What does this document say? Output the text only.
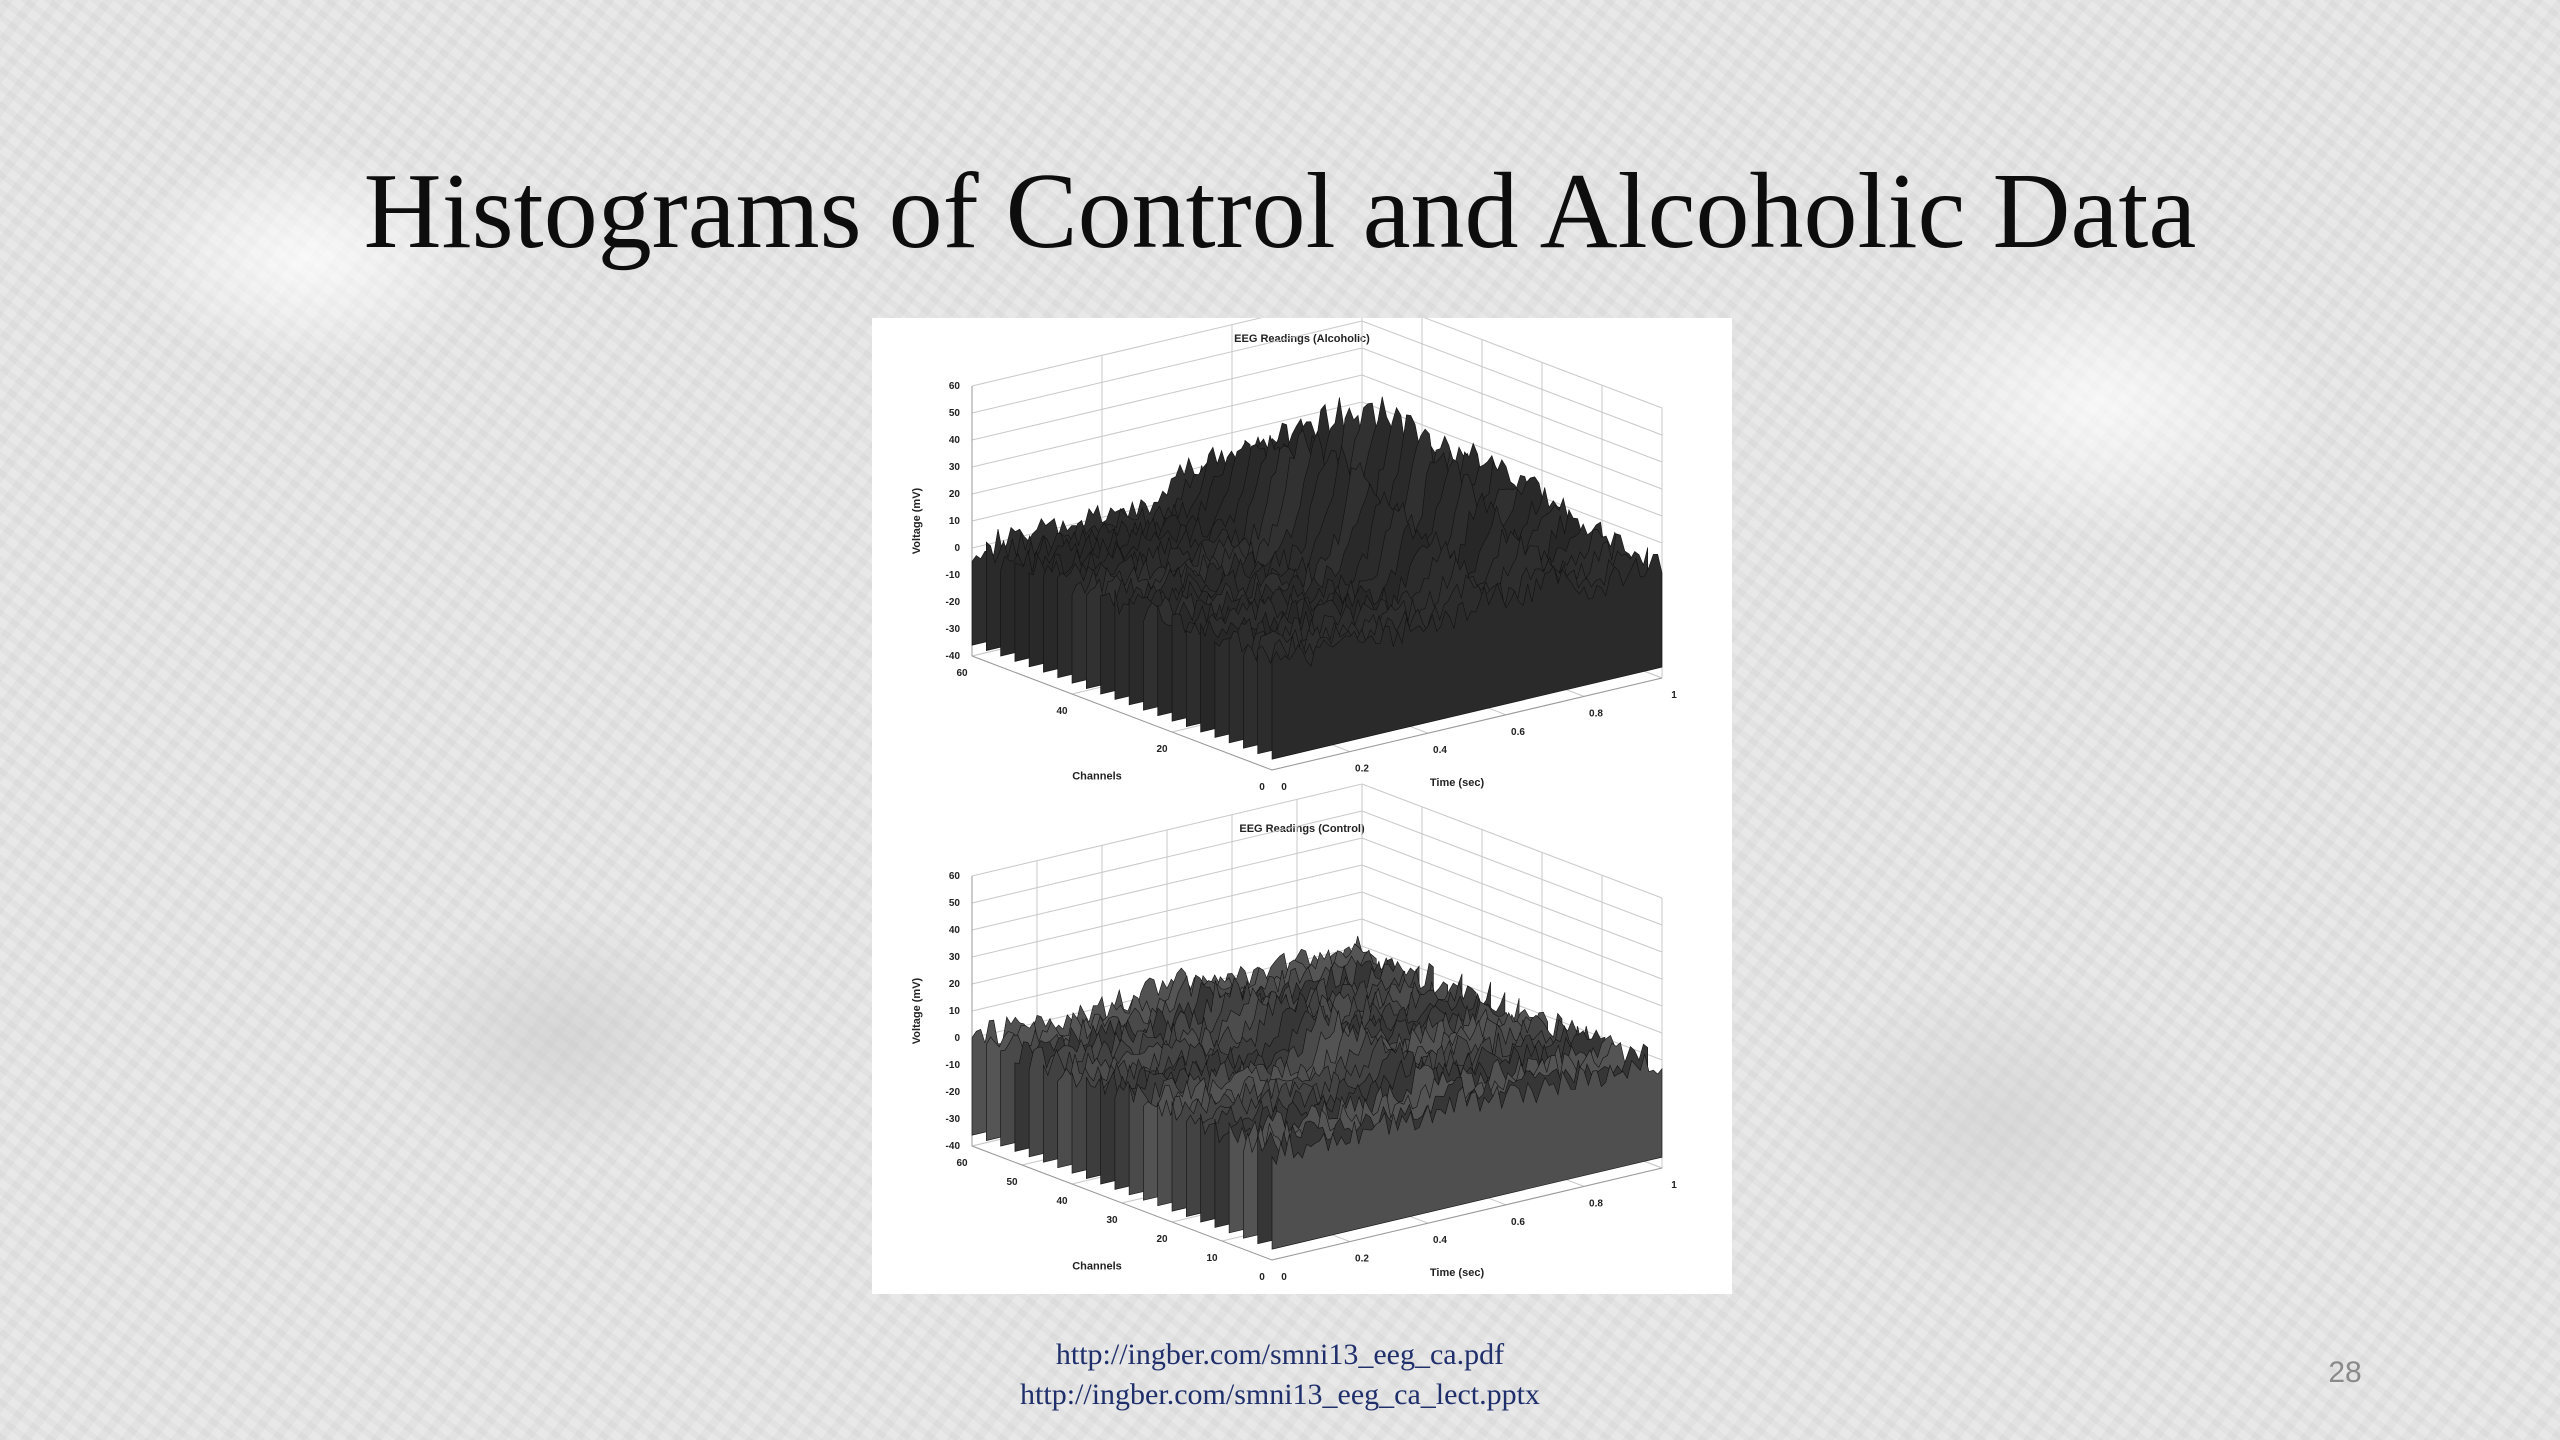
Histograms of Control and Alcoholic Data
EEG Readings (Alcoholic)
60
50
40
30
20
10
0
-10
-20
-30
-40
0
0.2
0.4
0.6
0.8
1
0
20
40
60
Time (sec)
Channels
Voltage (mV)
EEG Readings (Control)
60
50
40
30
20
10
0
-10
-20
-30
-40
0
0.2
0.4
0.6
0.8
1
0
10
20
30
40
50
60
Time (sec)
Channels
Voltage (mV)
http://ingber.com/smni13_eeg_ca.pdf
http://ingber.com/smni13_eeg_ca_lect.pptx
28
